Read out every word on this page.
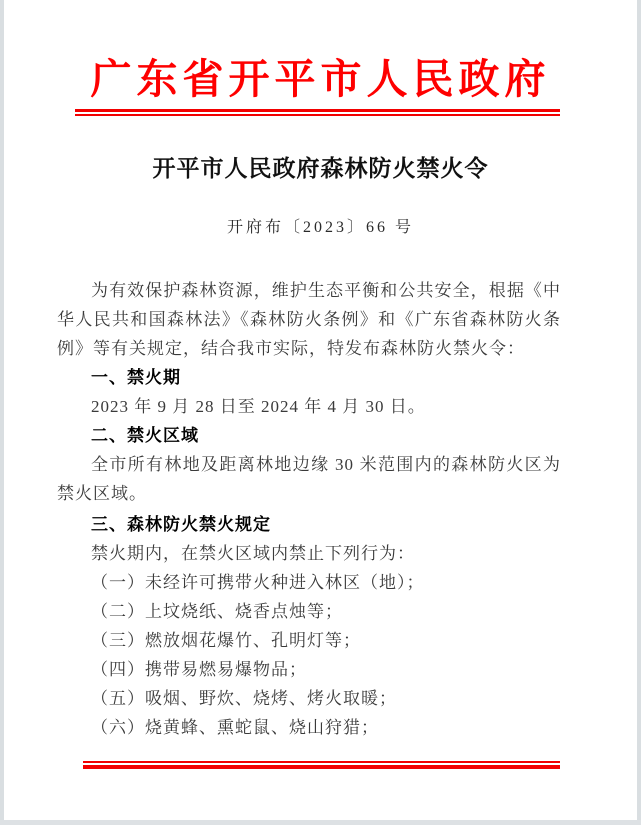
广东省开平市人民政府
开平市人民政府森林防火禁火令
开府布〔2023〕66 号

为有效保护森林资源，维护生态平衡和公共安全，根据《中华人民共和国森林法》《森林防火条例》和《广东省森林防火条例》等有关规定，结合我市实际，特发布森林防火禁火令：

一、禁火期

2023 年 9 月 28 日至 2024 年 4 月 30 日。

二、禁火区域

全市所有林地及距离林地边缘 30 米范围内的森林防火区为禁火区域。

三、森林防火禁火规定

禁火期内，在禁火区域内禁止下列行为：

（一）未经许可携带火种进入林区（地）；

（二）上坟烧纸、烧香点烛等；

（三）燃放烟花爆竹、孔明灯等；

（四）携带易燃易爆物品；

（五）吸烟、野炊、烧烤、烤火取暖；

（六）烧黄蜂、熏蛇鼠、烧山狩猎；
